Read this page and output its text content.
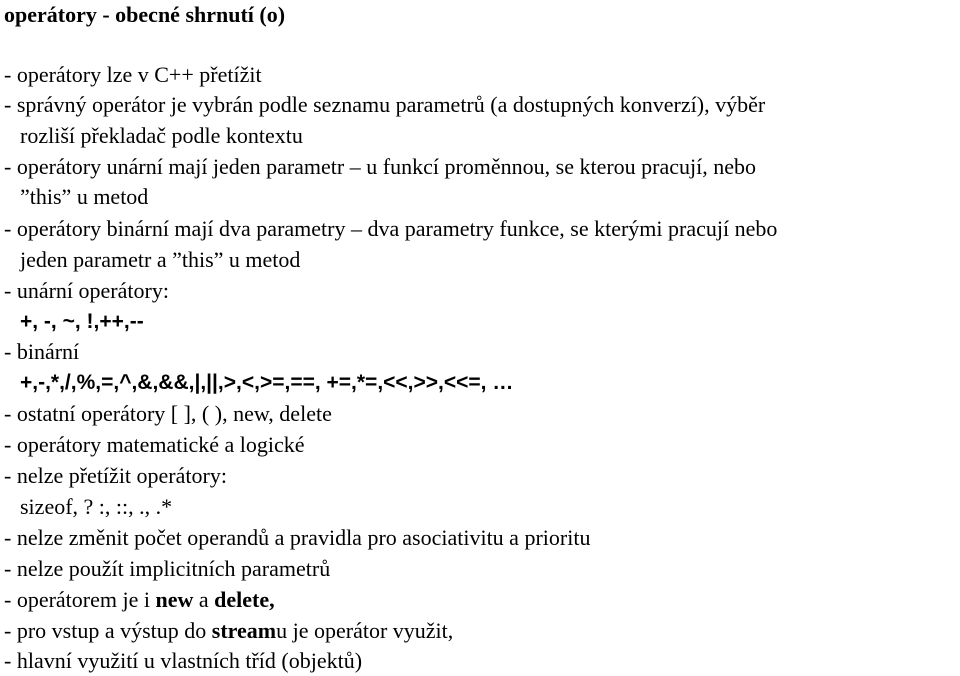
operátory - obecné shrnutí (o)
- operátory lze v C++ přetížit
- správný operátor je vybrán podle seznamu parametrů (a dostupných konverzí), výběr
rozliší překladač podle kontextu
- operátory unární mají jeden parametr – u funkcí proměnnou, se kterou pracují, nebo
”this” u metod
- operátory binární mají dva parametry – dva parametry funkce, se kterými pracují nebo
jeden parametr a ”this” u metod
- unární operátory:
+, -, ~, !,++,--
- binární
+,-,*,/,%,=,^,&,&&,|,||,>,<,>=,==, +=,*=,<<,>>,<<=, …
- ostatní operátory [ ], ( ), new, delete
- operátory matematické a logické
- nelze přetížit operátory:
sizeof, ? :, ::, ., .*
- nelze změnit počet operandů a pravidla pro asociativitu a prioritu
- nelze použít implicitních parametrů
- operátorem je i new a delete,
- pro vstup a výstup do streamu je operátor využit,
- hlavní využití u vlastních tříd (objektů)
